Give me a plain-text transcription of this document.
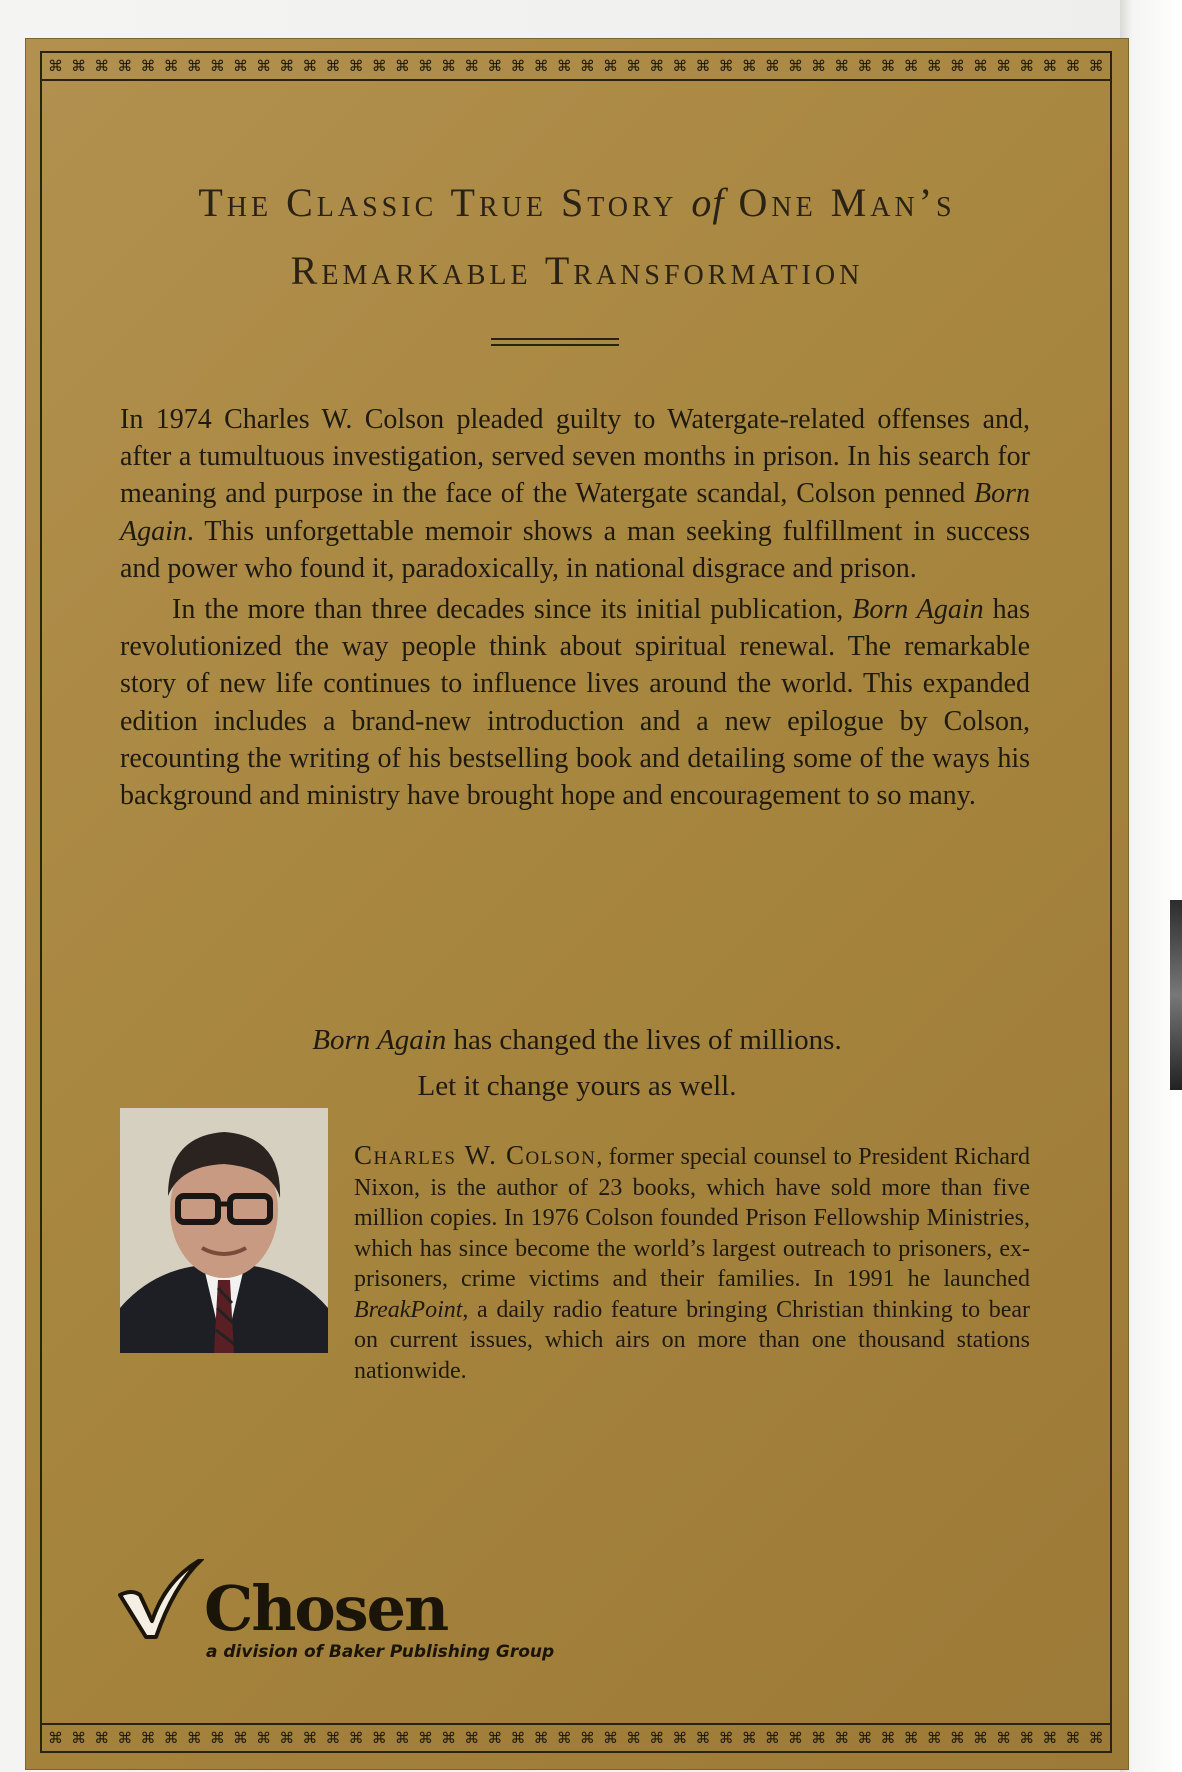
⌘ ⌘ ⌘ ⌘ ⌘ ⌘ ⌘ ⌘ ⌘ ⌘ ⌘ ⌘ ⌘ ⌘ ⌘ ⌘ ⌘ ⌘ ⌘ ⌘ ⌘ ⌘ ⌘ ⌘ ⌘ ⌘ ⌘ ⌘ ⌘ ⌘ ⌘ ⌘ ⌘ ⌘ ⌘ ⌘ ⌘ ⌘ ⌘ ⌘ ⌘ ⌘ ⌘ ⌘ ⌘ ⌘
⌘ ⌘ ⌘ ⌘ ⌘ ⌘ ⌘ ⌘ ⌘ ⌘ ⌘ ⌘ ⌘ ⌘ ⌘ ⌘ ⌘ ⌘ ⌘ ⌘ ⌘ ⌘ ⌘ ⌘ ⌘ ⌘ ⌘ ⌘ ⌘ ⌘ ⌘ ⌘ ⌘ ⌘ ⌘ ⌘ ⌘ ⌘ ⌘ ⌘ ⌘ ⌘ ⌘ ⌘ ⌘ ⌘
The Classic True Story of One Man’s
Remarkable Transformation

In 1974 Charles W. Colson pleaded guilty to Watergate-related offenses and, after a tumultuous investigation, served seven months in prison. In his search for meaning and purpose in the face of the Watergate scandal, Colson penned Born Again. This unforgettable memoir shows a man seeking fulfillment in success and power who found it, paradoxically, in national disgrace and prison.

In the more than three decades since its initial publication, Born Again has revolutionized the way people think about spiritual renewal. The remarkable story of new life continues to influence lives around the world. This expanded edition includes a brand-new introduction and a new epilogue by Colson, recounting the writing of his bestselling book and detailing some of the ways his background and ministry have brought hope and encouragement to so many.

Born Again has changed the lives of millions.
Let it change yours as well.
Charles W. Colson, former special counsel to President Richard Nixon, is the author of 23 books, which have sold more than five million copies. In 1976 Colson founded Prison Fellowship Ministries, which has since become the world’s largest outreach to prisoners, ex-prisoners, crime victims and their families. In 1991 he launched BreakPoint, a daily radio feature bringing Christian thinking to bear on current issues, which airs on more than one thousand stations nationwide.
Chosen
a division of Baker Publishing Group
